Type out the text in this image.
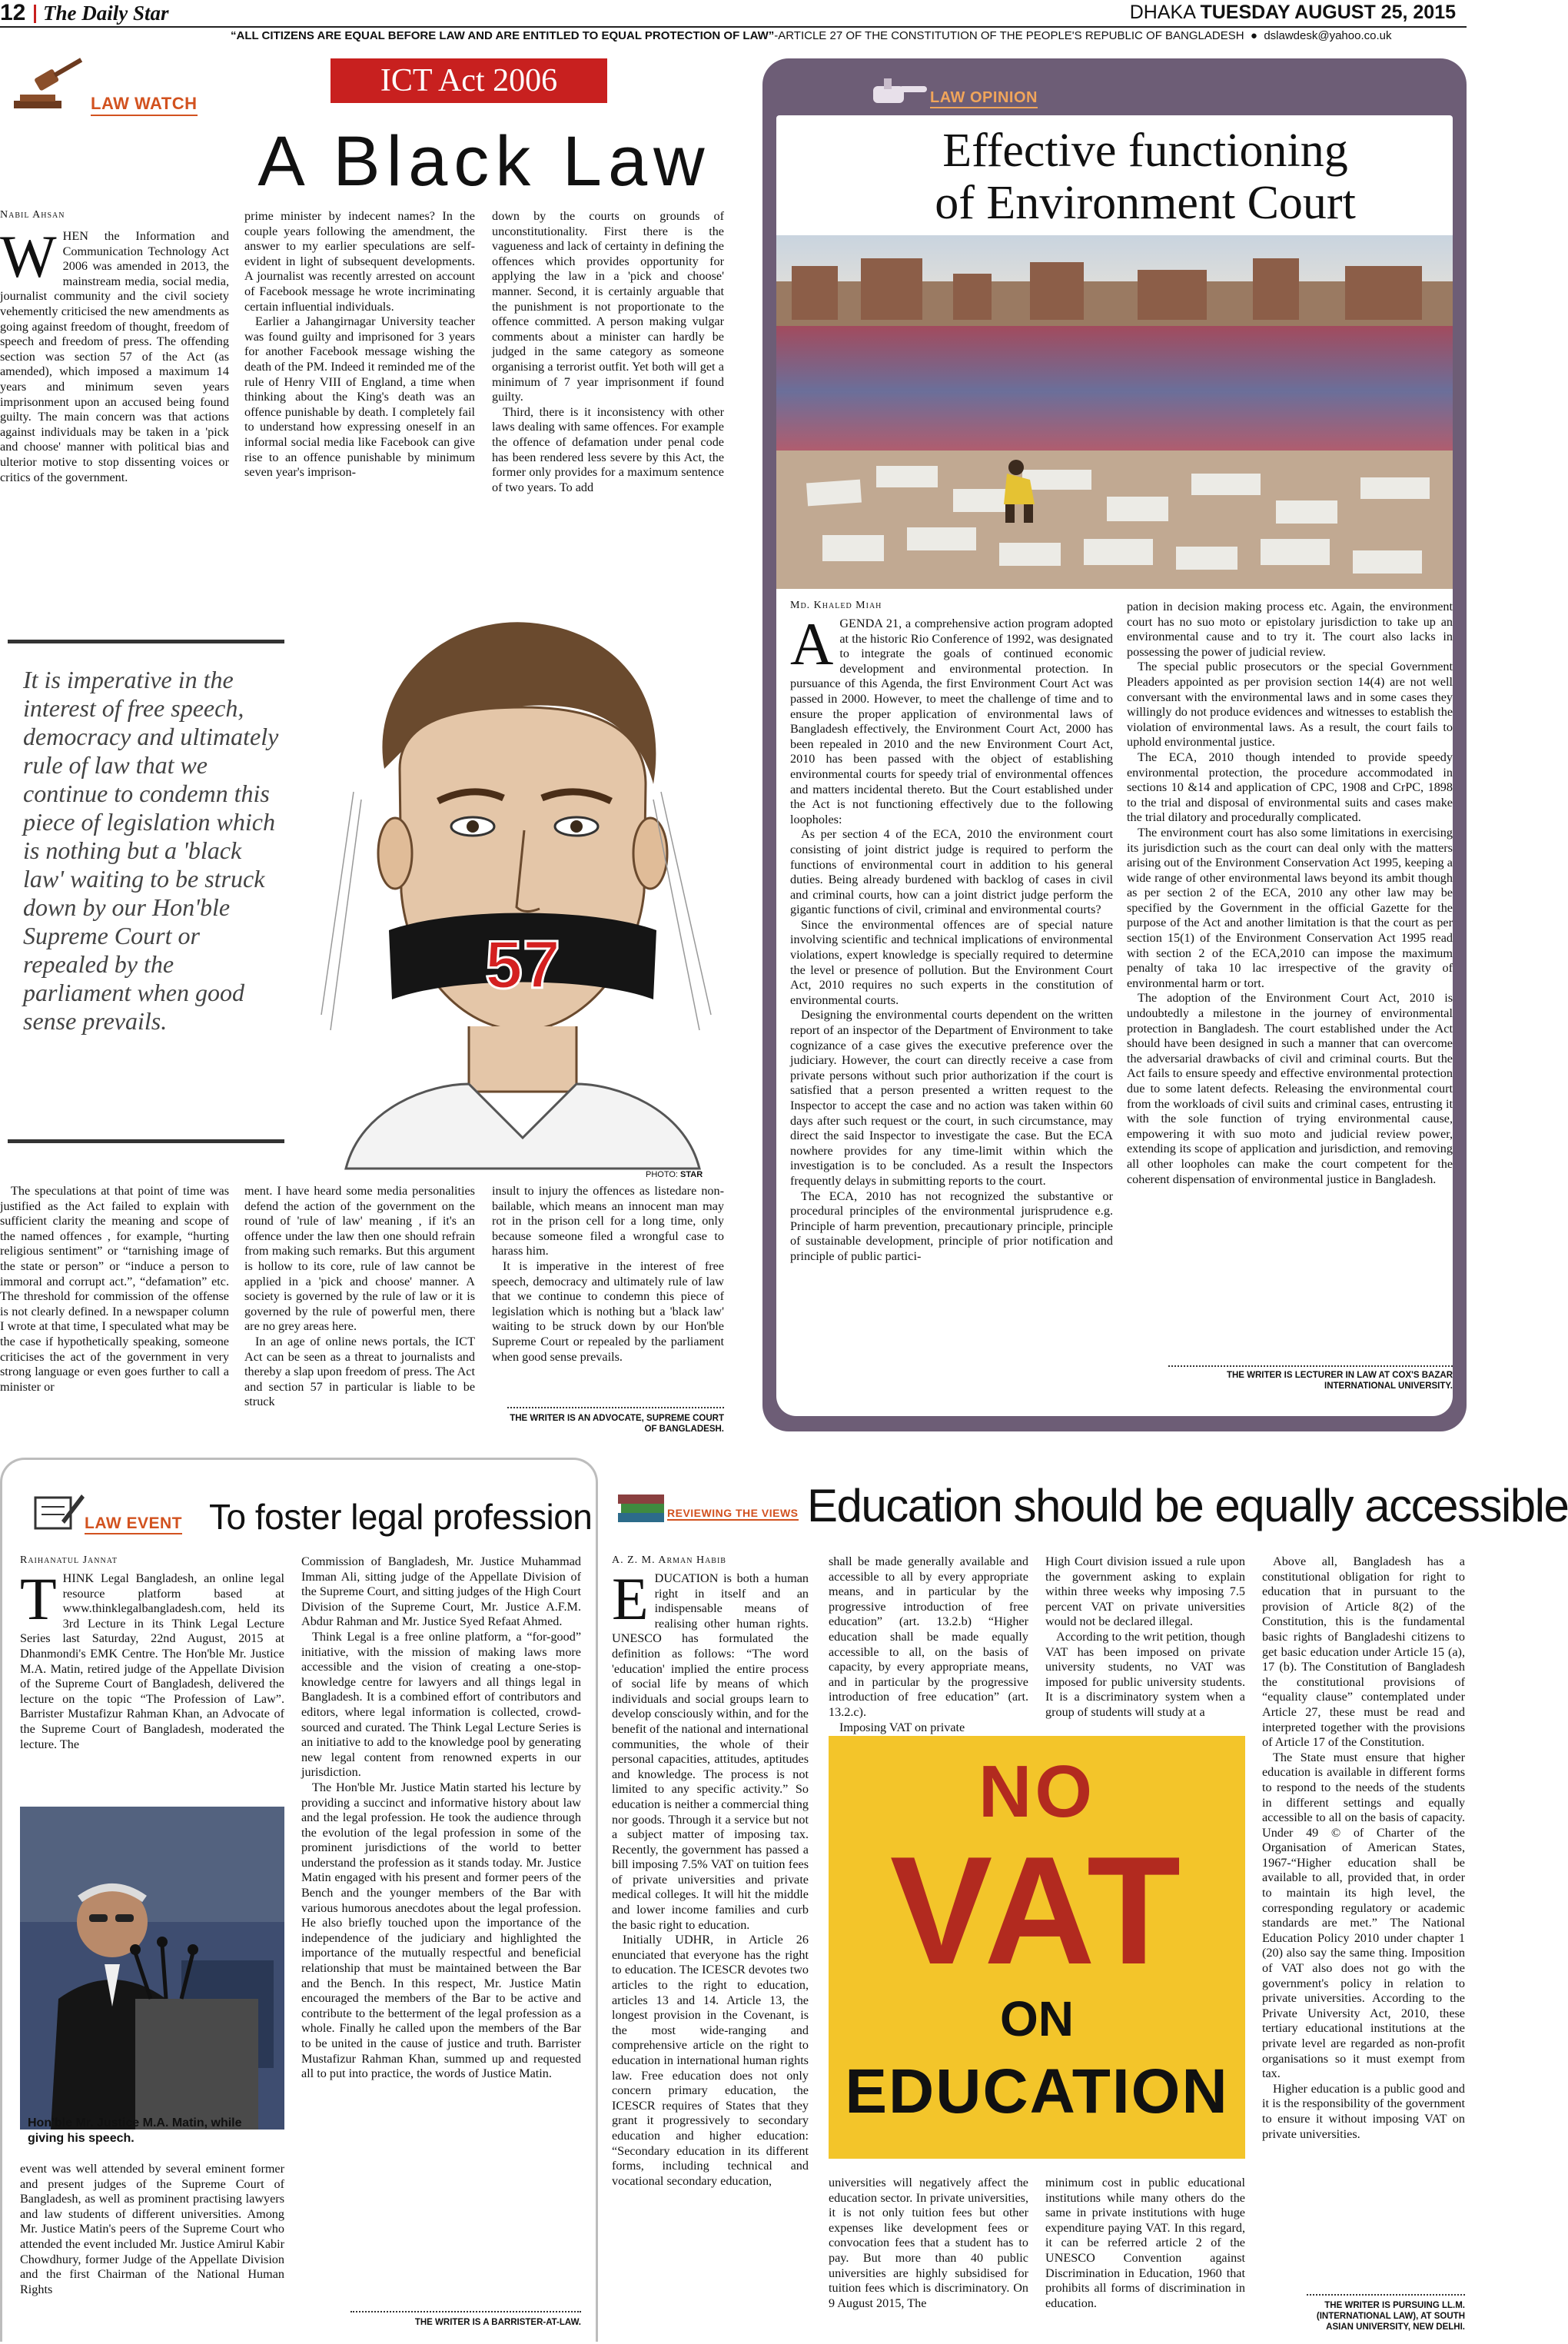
12 The Daily Star	DHAKA TUESDAY AUGUST 25, 2015
“ALL CITIZENS ARE EQUAL BEFORE LAW AND ARE ENTITLED TO EQUAL PROTECTION OF LAW”-ARTICLE 27 OF THE CONSTITUTION OF THE PEOPLE'S REPUBLIC OF BANGLADESH ● dslawdesk@yahoo.co.uk
LAW WATCH
ICT Act 2006
A Black Law
Nabil Ahsan

WHEN the Information and Communication Technology Act 2006 was amended in 2013, the mainstream media, social media, journalist community and the civil society vehemently criticised the new amendments as going against freedom of thought, freedom of speech and freedom of press. The offending section was section 57 of the Act (as amended), which imposed a maximum 14 years and minimum seven years imprisonment upon an accused being found guilty. The main concern was that actions against individuals may be taken in a 'pick and choose' manner with political bias and ulterior motive to stop dissenting voices or critics of the government.

prime minister by indecent names? In the couple years following the amendment, the answer to my earlier speculations are self-evident in light of subsequent developments. A journalist was recently arrested on account of Facebook message he wrote incriminating certain influential individuals.

Earlier a Jahangirnagar University teacher was found guilty and imprisoned for 3 years for another Facebook message wishing the death of the PM. Indeed it reminded me of the rule of Henry VIII of England, a time when thinking about the King's death was an offence punishable by death. I completely fail to understand how expressing oneself in an informal social media like Facebook can give rise to an offence punishable by minimum seven year's imprison-

down by the courts on grounds of unconstitutionality. First there is the vagueness and lack of certainty in defining the offences which provides opportunity for applying the law in a 'pick and choose' manner. Second, it is certainly arguable that the punishment is not proportionate to the offence committed. A person making vulgar comments about a minister can hardly be judged in the same category as someone organising a terrorist outfit. Yet both will get a minimum of 7 year imprisonment if found guilty.

Third, there is it inconsistency with other laws dealing with same offences. For example the offence of defamation under penal code has been rendered less severe by this Act, the former only provides for a maximum sentence of two years. To add

It is imperative in the interest of free speech, democracy and ultimately rule of law that we continue to condemn this piece of legislation which is nothing but a 'black law' waiting to be struck down by our Hon'ble Supreme Court or repealed by the parliament when good sense prevails.
57
PHOTO: STAR

The speculations at that point of time was justified as the Act failed to explain with sufficient clarity the meaning and scope of the named offences , for example, “hurting religious sentiment” or “tarnishing image of the state or person” or “induce a person to immoral and corrupt act.”, “defamation” etc. The threshold for commission of the offense is not clearly defined. In a newspaper column I wrote at that time, I speculated what may be the case if hypothetically speaking, someone criticises the act of the government in very strong language or even goes further to call a minister or

ment. I have heard some media personalities defend the action of the government on the round of 'rule of law' meaning , if it's an offence under the law then one should refrain from making such remarks. But this argument is hollow to its core, rule of law cannot be applied in a 'pick and choose' manner. A society is governed by the rule of law or it is governed by the rule of powerful men, there are no grey areas here.

In an age of online news portals, the ICT Act can be seen as a threat to journalists and thereby a slap upon freedom of press. The Act and section 57 in particular is liable to be struck

insult to injury the offences as listedare non-bailable, which means an innocent man may rot in the prison cell for a long time, only because someone filed a wrongful case to harass him.

It is imperative in the interest of free speech, democracy and ultimately rule of law that we continue to condemn this piece of legislation which is nothing but a 'black law' waiting to be struck down by our Hon'ble Supreme Court or repealed by the parliament when good sense prevails.

THE WRITER IS AN ADVOCATE, SUPREME COURT OF BANGLADESH.
LAW OPINION
Effective functioning
of Environment Court
Md. Khaled Miah

AGENDA 21, a comprehensive action program adopted at the historic Rio Conference of 1992, was designated to integrate the goals of continued economic development and environmental protection. In pursuance of this Agenda, the first Environment Court Act was passed in 2000. However, to meet the challenge of time and to ensure the proper application of environmental laws of Bangladesh effectively, the Environment Court Act, 2000 has been repealed in 2010 and the new Environment Court Act, 2010 has been passed with the object of establishing environmental courts for speedy trial of environmental offences and matters incidental thereto. But the Court established under the Act is not functioning effectively due to the following loopholes:

As per section 4 of the ECA, 2010 the environment court consisting of joint district judge is required to perform the functions of environmental court in addition to his general duties. Being already burdened with backlog of cases in civil and criminal courts, how can a joint district judge perform the gigantic functions of civil, criminal and environmental courts?

Since the environmental offences are of special nature involving scientific and technical implications of environmental violations, expert knowledge is specially required to determine the level or presence of pollution. But the Environment Court Act, 2010 requires no such experts in the constitution of environmental courts.

Designing the environmental courts dependent on the written report of an inspector of the Department of Environment to take cognizance of a case gives the executive preference over the judiciary. However, the court can directly receive a case from private persons without such prior authorization if the court is satisfied that a person presented a written request to the Inspector to accept the case and no action was taken within 60 days after such request or the court, in such circumstance, may direct the said Inspector to investigate the case. But the ECA nowhere provides for any time-limit within which the investigation is to be concluded. As a result the Inspectors frequently delays in submitting reports to the court.

The ECA, 2010 has not recognized the substantive or procedural principles of the environmental jurisprudence e.g. Principle of harm prevention, precautionary principle, principle of sustainable development, principle of prior notification and principle of public partici-

pation in decision making process etc. Again, the environment court has no suo moto or epistolary jurisdiction to take up an environmental cause and to try it. The court also lacks in possessing the power of judicial review.

The special public prosecutors or the special Government Pleaders appointed as per provision section 14(4) are not well conversant with the environmental laws and in some cases they willingly do not produce evidences and witnesses to establish the violation of environmental laws. As a result, the court fails to uphold environmental justice.

The ECA, 2010 though intended to provide speedy environmental protection, the procedure accommodated in sections 10 &14 and application of CPC, 1908 and CrPC, 1898 to the trial and disposal of environmental suits and cases make the trial dilatory and procedurally complicated.

The environment court has also some limitations in exercising its jurisdiction such as the court can deal only with the matters arising out of the Environment Conservation Act 1995, keeping a wide range of other environmental laws beyond its ambit though as per section 2 of the ECA, 2010 any other law may be specified by the Government in the official Gazette for the purpose of the Act and another limitation is that the court as per section 15(1) of the Environment Conservation Act 1995 read with section 2 of the ECA,2010 can impose the maximum penalty of taka 10 lac irrespective of the gravity of environmental harm or tort.

The adoption of the Environment Court Act, 2010 is undoubtedly a milestone in the journey of environmental protection in Bangladesh. The court established under the Act should have been designed in such a manner that can overcome the adversarial drawbacks of civil and criminal courts. But the Act fails to ensure speedy and effective environmental protection due to some latent defects. Releasing the environmental court from the workloads of civil suits and criminal cases, entrusting it with the sole function of trying environmental cause, empowering it with suo moto and judicial review power, extending its scope of application and jurisdiction, and removing all other loopholes can make the court competent for the coherent dispensation of environmental justice in Bangladesh.

THE WRITER IS LECTURER IN LAW AT COX'S BAZAR
INTERNATIONAL UNIVERSITY.
LAW EVENT To foster legal profession
Raihanatul Jannat

THINK Legal Bangladesh, an online legal resource platform based at www.thinklegalbangladesh.com, held its 3rd Lecture in its Think Legal Lecture Series last Saturday, 22nd August, 2015 at Dhanmondi's EMK Centre. The Hon'ble Mr. Justice M.A. Matin, retired judge of the Appellate Division of the Supreme Court of Bangladesh, delivered the lecture on the topic “The Profession of Law”. Barrister Mustafizur Rahman Khan, an Advocate of the Supreme Court of Bangladesh, moderated the lecture. The

Hon'ble Mr. Justice M.A. Matin, while giving his speech.

event was well attended by several eminent former and present judges of the Supreme Court of Bangladesh, as well as prominent practising lawyers and law students of different universities. Among Mr. Justice Matin's peers of the Supreme Court who attended the event included Mr. Justice Amirul Kabir Chowdhury, former Judge of the Appellate Division and the first Chairman of the National Human Rights

Commission of Bangladesh, Mr. Justice Muhammad Imman Ali, sitting judge of the Appellate Division of the Supreme Court, and sitting judges of the High Court Division of the Supreme Court, Mr. Justice A.F.M. Abdur Rahman and Mr. Justice Syed Refaat Ahmed.

Think Legal is a free online platform, a “for-good” initiative, with the mission of making laws more accessible and the vision of creating a one-stop-knowledge centre for lawyers and all things legal in Bangladesh. It is a combined effort of contributors and editors, where legal information is collected, crowd-sourced and curated. The Think Legal Lecture Series is an initiative to add to the knowledge pool by generating new legal content from renowned experts in our jurisdiction.

The Hon'ble Mr. Justice Matin started his lecture by providing a succinct and informative history about law and the legal profession. He took the audience through the evolution of the legal profession in some of the prominent jurisdictions of the world to better understand the profession as it stands today. Mr. Justice Matin engaged with his present and former peers of the Bench and the younger members of the Bar with various humorous anecdotes about the legal profession. He also briefly touched upon the importance of the independence of the judiciary and highlighted the importance of the mutually respectful and beneficial relationship that must be maintained between the Bar and the Bench. In this respect, Mr. Justice Matin encouraged the members of the Bar to be active and contribute to the betterment of the legal profession as a whole. Finally he called upon the members of the Bar to be united in the cause of justice and truth. Barrister Mustafizur Rahman Khan, summed up and requested all to put into practice, the words of Justice Matin.

THE WRITER IS A BARRISTER-AT-LAW.
REVIEWING THE VIEWS Education should be equally accessible
A. Z. M. Arman Habib

EDUCATION is both a human right in itself and an indispensable means of realising other human rights. UNESCO has formulated the definition as follows: “The word 'education' implied the entire process of social life by means of which individuals and social groups learn to develop consciously within, and for the benefit of the national and international communities, the whole of their personal capacities, attitudes, aptitudes and knowledge. The process is not limited to any specific activity.” So education is neither a commercial thing nor goods. Through it a service but not a subject matter of imposing tax. Recently, the government has passed a bill imposing 7.5% VAT on tuition fees of private universities and private medical colleges. It will hit the middle and lower income families and curb the basic right to education.

Initially UDHR, in Article 26 enunciated that everyone has the right to education. The ICESCR devotes two articles to the right to education, articles 13 and 14. Article 13, the longest provision in the Covenant, is the most wide-ranging and comprehensive article on the right to education in international human rights law. Free education does not only concern primary education, the ICESCR requires of States that they grant it progressively to secondary education and higher education: “Secondary education in its different forms, including technical and vocational secondary education,

shall be made generally available and accessible to all by every appropriate means, and in particular by the progressive introduction of free education” (art. 13.2.b) “Higher education shall be made equally accessible to all, on the basis of capacity, by every appropriate means, and in particular by the progressive introduction of free education” (art. 13.2.c).

Imposing VAT on private

High Court division issued a rule upon the government asking to explain within three weeks why imposing 7.5 percent VAT on private universities would not be declared illegal.

According to the writ petition, though VAT has been imposed on private university students, no VAT was imposed for public university students. It is a discriminatory system when a group of students will study at a

NO
VAT
ON
EDUCATION

universities will negatively affect the education sector. In private universities, it is not only tuition fees but other expenses like development fees or convocation fees that a student has to pay. But more than 40 public universities are highly subsidised for tuition fees which is discriminatory. On 9 August 2015, The

minimum cost in public educational institutions while many others do the same in private institutions with huge expenditure paying VAT. In this regard, it can be referred article 2 of the UNESCO Convention against Discrimination in Education, 1960 that prohibits all forms of discrimination in education.

Above all, Bangladesh has a constitutional obligation for right to education that in pursuant to the provision of Article 8(2) of the Constitution, this is the fundamental basic rights of Bangladeshi citizens to get basic education under Article 15 (a), 17 (b). The Constitution of Bangladesh the constitutional provisions of “equality clause” contemplated under Article 27, these must be read and interpreted together with the provisions of Article 17 of the Constitution.

The State must ensure that higher education is available in different forms to respond to the needs of the students in different settings and equally accessible to all on the basis of capacity. Under 49 © of Charter of the Organisation of American States, 1967-“Higher education shall be available to all, provided that, in order to maintain its high level, the corresponding regulatory or academic standards are met.” The National Education Policy 2010 under chapter 1 (20) also say the same thing. Imposition of VAT also does not go with the government's policy in relation to private universities. According to the Private University Act, 2010, these tertiary educational institutions at the private level are regarded as non-profit organisations so it must exempt from tax.

Higher education is a public good and it is the responsibility of the government to ensure it without imposing VAT on private universities.

THE WRITER IS PURSUING LL.M.
(INTERNATIONAL LAW), AT SOUTH
ASIAN UNIVERSITY, NEW DELHI.
